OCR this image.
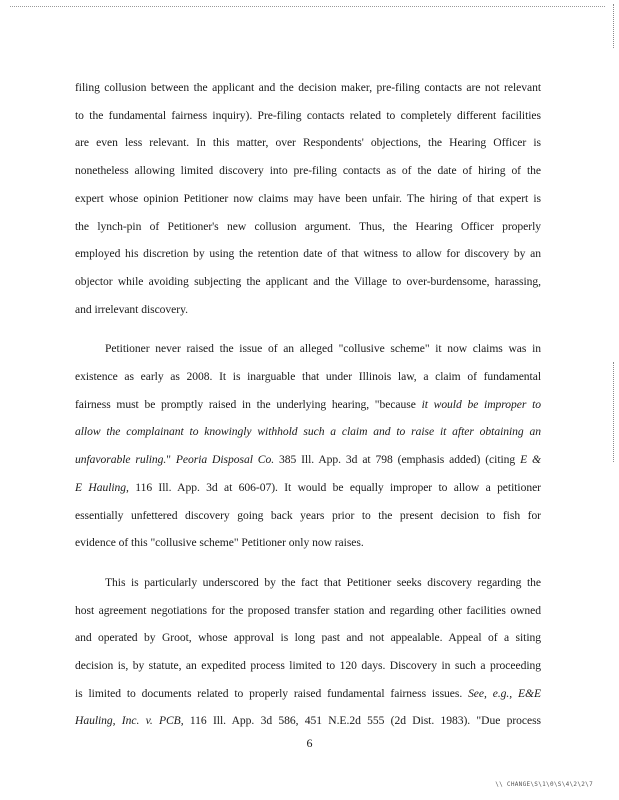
filing collusion between the applicant and the decision maker, pre-filing contacts are not relevant
to the fundamental fairness inquiry). Pre-filing contacts related to completely different facilities
are even less relevant. In this matter, over Respondents' objections, the Hearing Officer is
nonetheless allowing limited discovery into pre-filing contacts as of the date of hiring of the
expert whose opinion Petitioner now claims may have been unfair. The hiring of that expert is
the lynch-pin of Petitioner's new collusion argument. Thus, the Hearing Officer properly
employed his discretion by using the retention date of that witness to allow for discovery by an
objector while avoiding subjecting the applicant and the Village to over-burdensome, harassing,
and irrelevant discovery.
Petitioner never raised the issue of an alleged "collusive scheme" it now claims was in
existence as early as 2008. It is inarguable that under Illinois law, a claim of fundamental
fairness must be promptly raised in the underlying hearing, "because it would be improper to
allow the complainant to knowingly withhold such a claim and to raise it after obtaining an
unfavorable ruling." Peoria Disposal Co. 385 Ill. App. 3d at 798 (emphasis added) (citing E &
E Hauling, 116 Ill. App. 3d at 606-07). It would be equally improper to allow a petitioner
essentially unfettered discovery going back years prior to the present decision to fish for
evidence of this "collusive scheme" Petitioner only now raises.
This is particularly underscored by the fact that Petitioner seeks discovery regarding the
host agreement negotiations for the proposed transfer station and regarding other facilities owned
and operated by Groot, whose approval is long past and not appealable. Appeal of a siting
decision is, by statute, an expedited process limited to 120 days. Discovery in such a proceeding
is limited to documents related to properly raised fundamental fairness issues. See, e.g., E&E
Hauling, Inc. v. PCB, 116 Ill. App. 3d 586, 451 N.E.2d 555 (2d Dist. 1983). "Due process
6
\\ CHANGE\S\1\0\S\4\2\2\7
